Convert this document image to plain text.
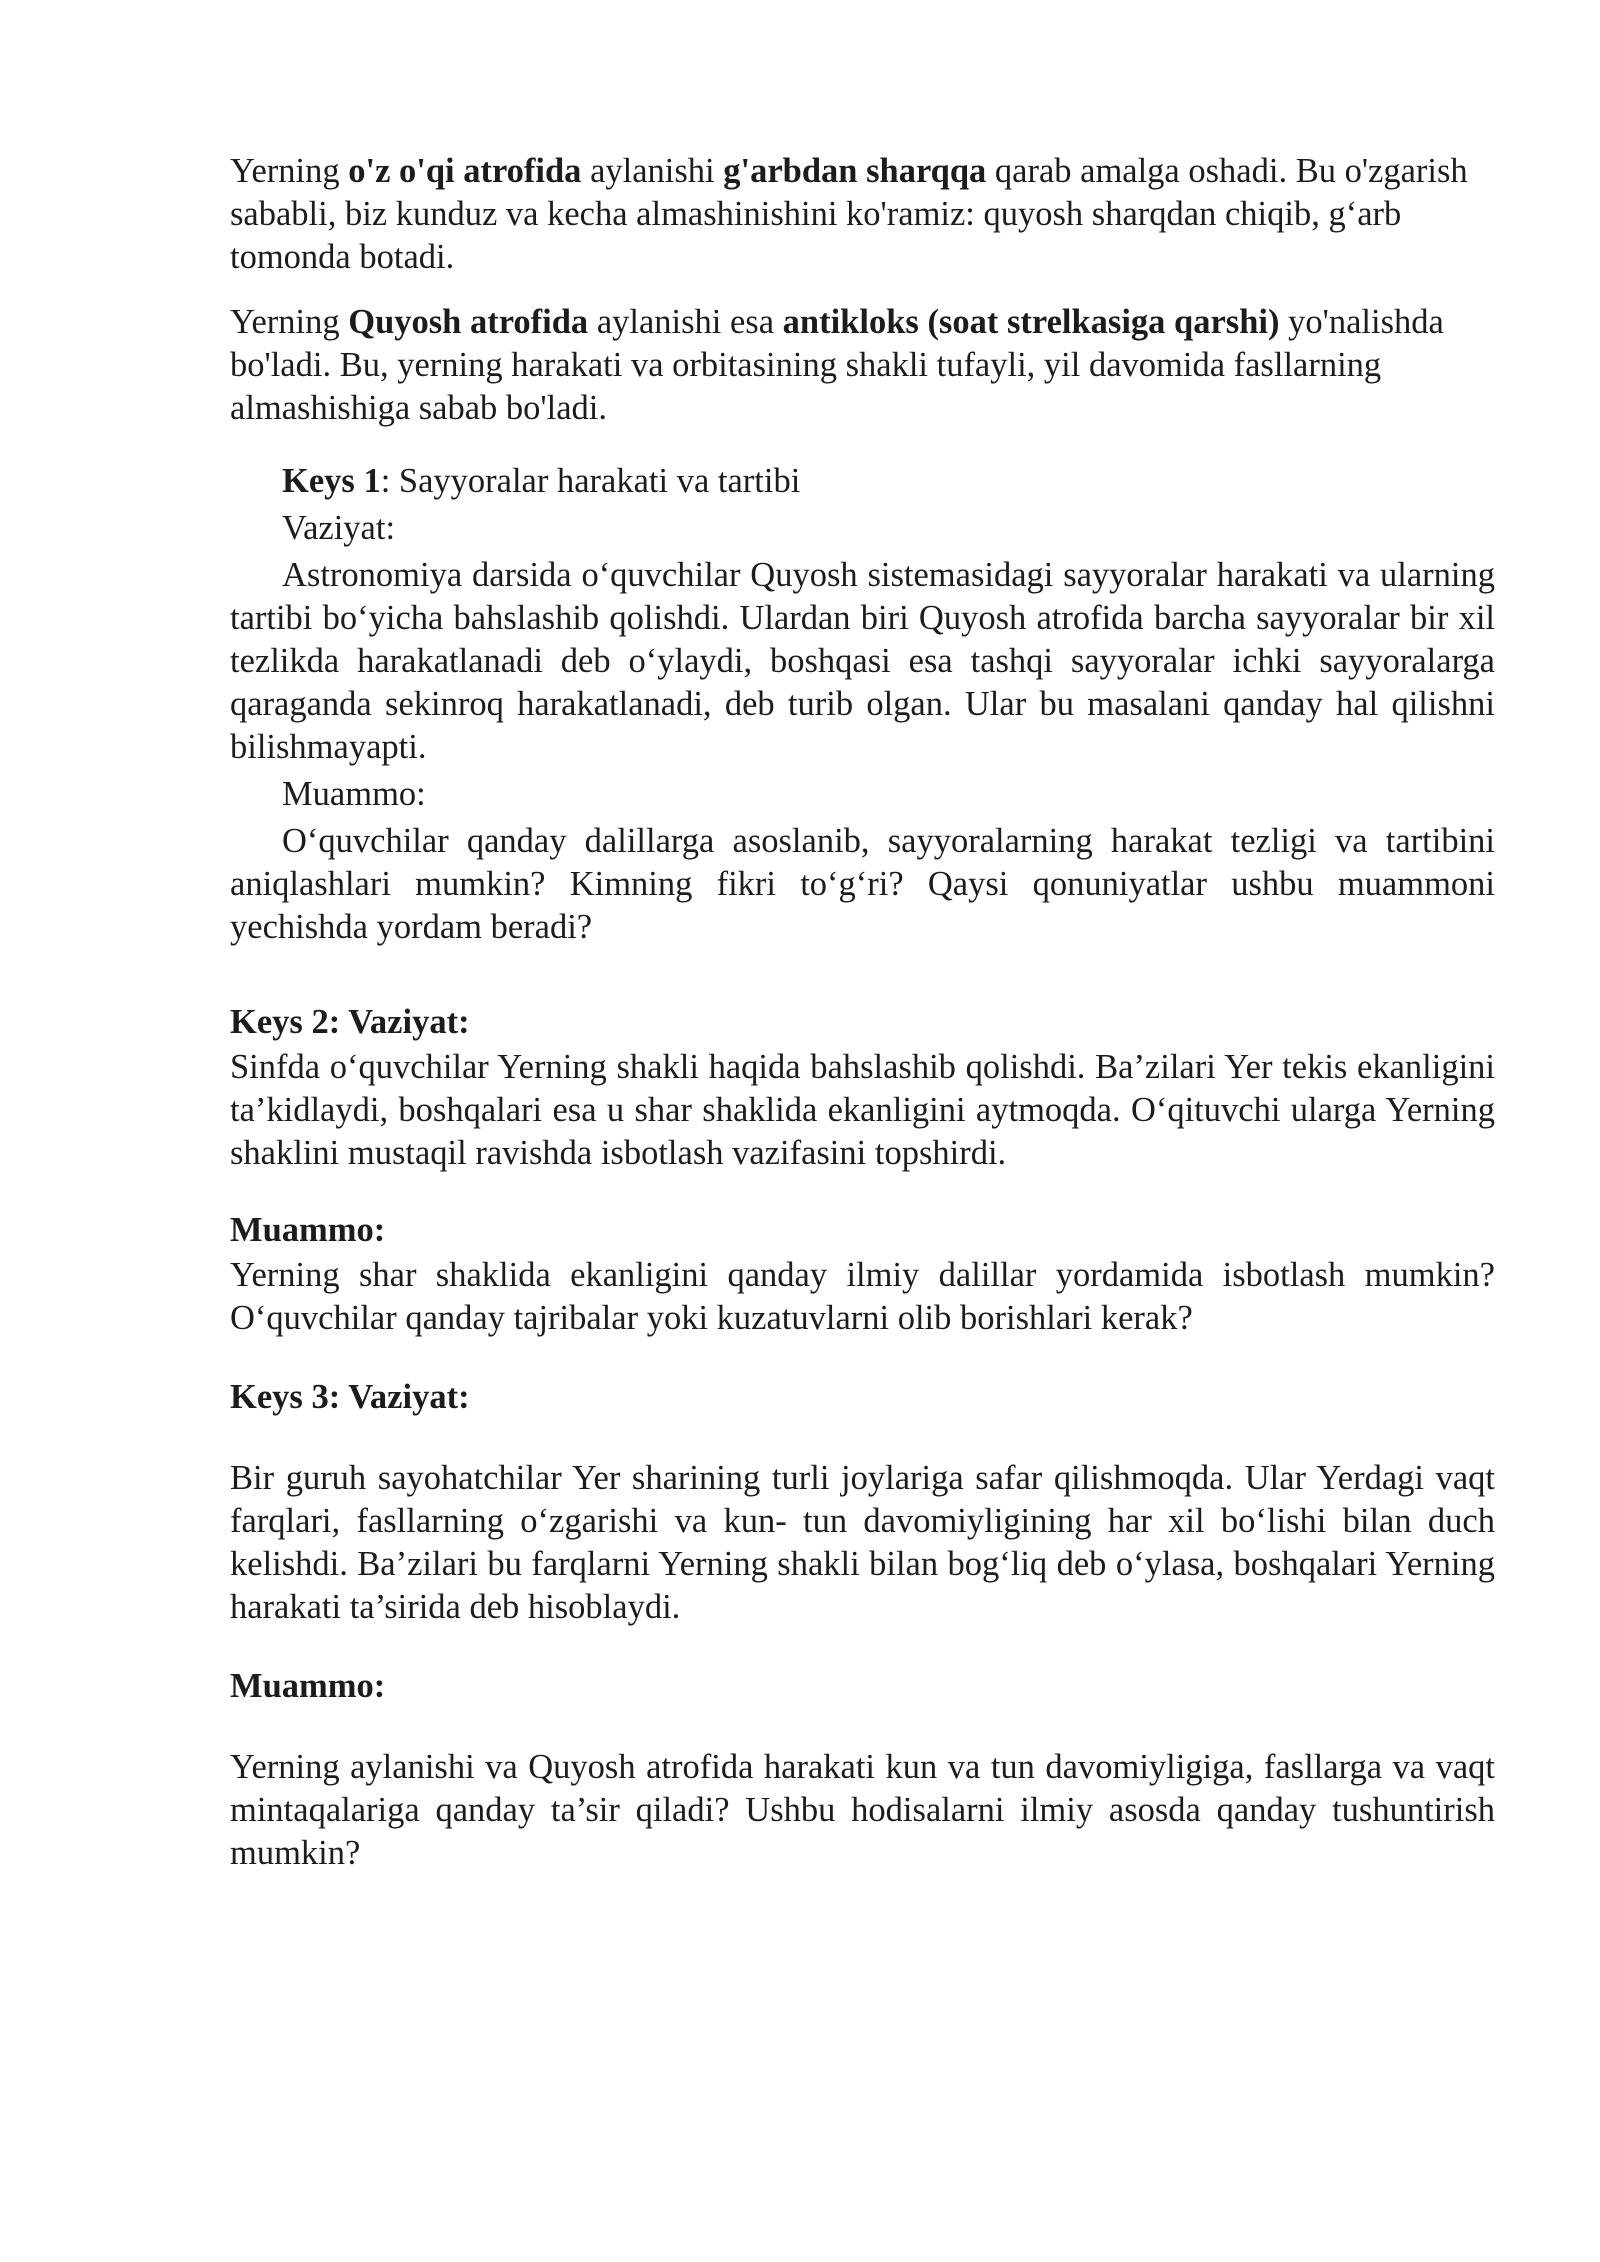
Yerning o'z o'qi atrofida aylanishi g'arbdan sharqqa qarab amalga oshadi. Bu o'zgarish sababli, biz kunduz va kecha almashinishini ko'ramiz: quyosh sharqdan chiqib, g‘arb tomonda botadi.

Yerning Quyosh atrofida aylanishi esa antikloks (soat strelkasiga qarshi) yo'nalishda bo'ladi. Bu, yerning harakati va orbitasining shakli tufayli, yil davomida fasllarning almashishiga sabab bo'ladi.

Keys 1: Sayyoralar harakati va tartibi

Vaziyat:

Astronomiya darsida o‘quvchilar Quyosh sistemasidagi sayyoralar harakati va ularning tartibi bo‘yicha bahslashib qolishdi. Ulardan biri Quyosh atrofida barcha sayyoralar bir xil tezlikda harakatlanadi deb o‘ylaydi, boshqasi esa tashqi sayyoralar ichki sayyoralarga qaraganda sekinroq harakatlanadi, deb turib olgan. Ular bu masalani qanday hal qilishni bilishmayapti.

Muammo:

O‘quvchilar qanday dalillarga asoslanib, sayyoralarning harakat tezligi va tartibini aniqlashlari mumkin? Kimning fikri to‘g‘ri? Qaysi qonuniyatlar ushbu muammoni yechishda yordam beradi?

Keys 2: Vaziyat:

Sinfda o‘quvchilar Yerning shakli haqida bahslashib qolishdi. Ba’zilari Yer tekis ekanligini ta’kidlaydi, boshqalari esa u shar shaklida ekanligini aytmoqda. O‘qituvchi ularga Yerning shaklini mustaqil ravishda isbotlash vazifasini topshirdi.

Muammo:

Yerning shar shaklida ekanligini qanday ilmiy dalillar yordamida isbotlash mumkin? O‘quvchilar qanday tajribalar yoki kuzatuvlarni olib borishlari kerak?

Keys 3: Vaziyat:

Bir guruh sayohatchilar Yer sharining turli joylariga safar qilishmoqda. Ular Yerdagi vaqt farqlari, fasllarning o‘zgarishi va kun- tun davomiyligining har xil bo‘lishi bilan duch kelishdi. Ba’zilari bu farqlarni Yerning shakli bilan bog‘liq deb o‘ylasa, boshqalari Yerning harakati ta’sirida deb hisoblaydi.

Muammo:

Yerning aylanishi va Quyosh atrofida harakati kun va tun davomiyligiga, fasllarga va vaqt mintaqalariga qanday ta’sir qiladi? Ushbu hodisalarni ilmiy asosda qanday tushuntirish mumkin?
